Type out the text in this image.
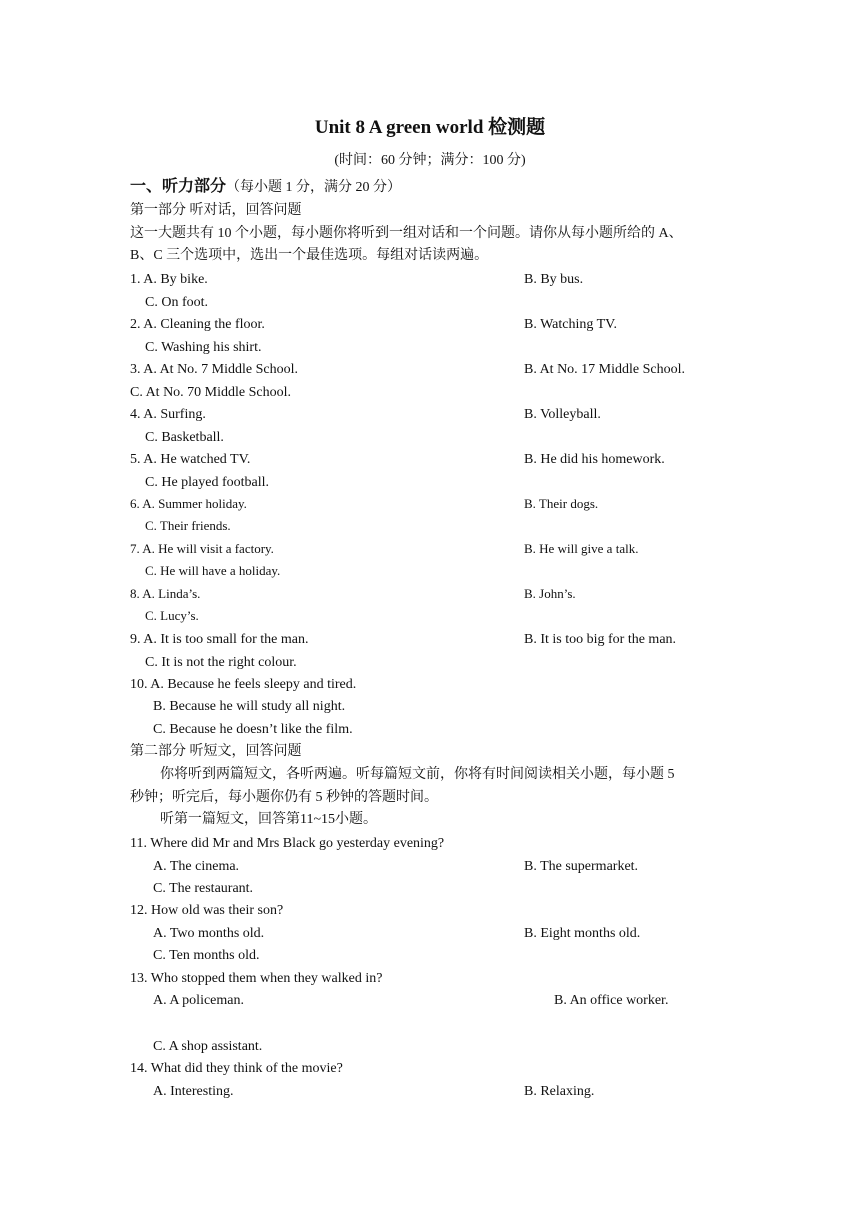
Unit 8 A green world 检测题
(时间：60 分钟；满分：100 分)
一、听力部分（每小题 1 分，满分 20 分）
第一部分 听对话，回答问题
这一大题共有 10 个小题，每小题你将听到一组对话和一个问题。请你从每小题所给的 A、
B、C 三个选项中，选出一个最佳选项。每组对话读两遍。
1. A. By bike.	B. By bus.
C. On foot.
2. A. Cleaning the floor.	B. Watching TV.
C. Washing his shirt.
3. A. At No. 7 Middle School.	B. At No. 17 Middle School.
C. At No. 70 Middle School.
4. A. Surfing.	B. Volleyball.
C. Basketball.
5. A. He watched TV.	B. He did his homework.
C. He played football.
6. A. Summer holiday.	B. Their dogs.
C. Their friends.
7. A. He will visit a factory.	B. He will give a talk.
C. He will have a holiday.
8. A. Linda’s.	B. John’s.
C. Lucy’s.
9. A. It is too small for the man.	B. It is too big for the man.
C. It is not the right colour.
10. A. Because he feels sleepy and tired.
B. Because he will study all night.
C. Because he doesn’t like the film.
第二部分 听短文，回答问题
你将听到两篇短文，各听两遍。听每篇短文前，你将有时间阅读相关小题，每小题 5
秒钟；听完后，每小题你仍有 5 秒钟的答题时间。
听第一篇短文，回答第11~15小题。
11. Where did Mr and Mrs Black go yesterday evening?
A. The cinema.	B. The supermarket.
C. The restaurant.
12. How old was their son?
A. Two months old.	B. Eight months old.
C. Ten months old.
13. Who stopped them when they walked in?
A. A policeman.	B. An office worker.
C. A shop assistant.
14. What did they think of the movie?
A. Interesting.	B. Relaxing.
